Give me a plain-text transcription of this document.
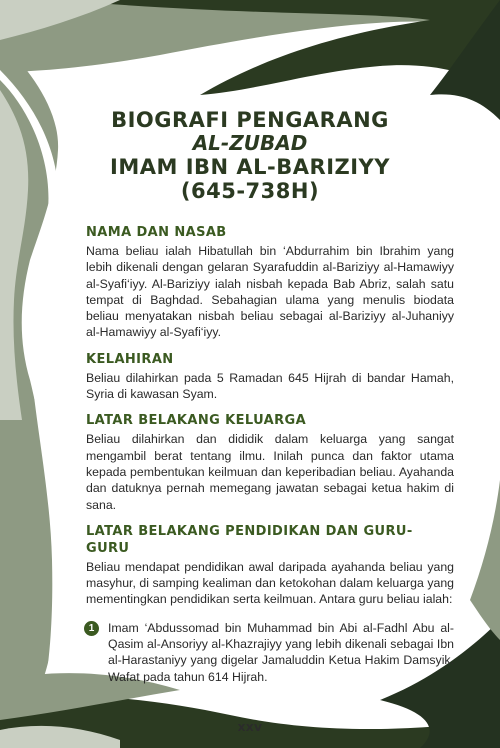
BIOGRAFI PENGARANG
AL-ZUBAD
IMAM IBN AL-BARIZIYY
(645-738H)
NAMA DAN NASAB

Nama beliau ialah Hibatullah bin ‘Abdurrahim bin Ibrahim yang lebih dikenali dengan gelaran Syarafuddin al-Bariziyy al-Hamawiyy al-Syafi‘iyy. Al-Bariziyy ialah nisbah kepada Bab Abriz, salah satu tempat di Baghdad. Sebahagian ulama yang menulis biodata beliau menyatakan nisbah beliau sebagai al-Bariziyy al-Juhaniyy al-Hamawiyy al-Syafi‘iyy.

KELAHIRAN

Beliau dilahirkan pada 5 Ramadan 645 Hijrah di bandar Hamah, Syria di kawasan Syam.

LATAR BELAKANG KELUARGA

Beliau dilahirkan dan dididik dalam keluarga yang sangat mengambil berat tentang ilmu. Inilah punca dan faktor utama kepada pembentukan keilmuan dan keperibadian beliau. Ayahanda dan datuknya pernah memegang jawatan sebagai ketua hakim di sana.

LATAR BELAKANG PENDIDIKAN DAN GURU-GURU

Beliau mendapat pendidikan awal daripada ayahanda beliau yang masyhur, di samping kealiman dan ketokohan dalam keluarga yang mementingkan pendidikan serta keilmuan. Antara guru beliau ialah:

1	Imam ‘Abdussomad bin Muhammad bin Abi al-Fadhl Abu al-Qasim al-Ansoriyy al-Khazrajiyy yang lebih dikenali sebagai Ibn al-Harastaniyy yang digelar Jamaluddin Ketua Hakim Damsyik. Wafat pada tahun 614 Hijrah.

XXV
